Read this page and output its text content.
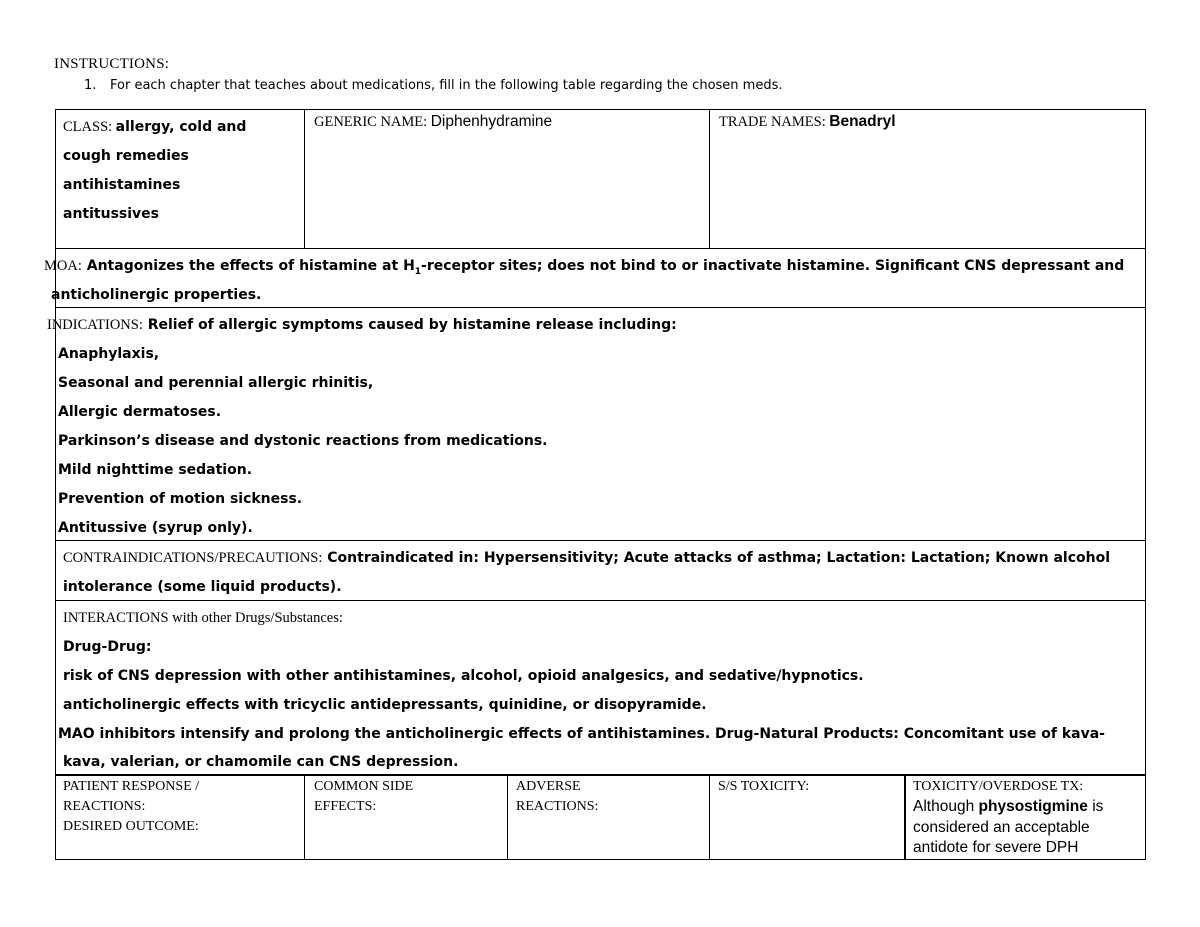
INSTRUCTIONS:
1. For each chapter that teaches about medications, fill in the following table regarding the chosen meds.
CLASS: allergy, cold and
cough remedies
antihistamines
antitussives
GENERIC NAME: Diphenhydramine	TRADE NAMES: Benadryl
MOA: Antagonizes the effects of histamine at $H_1$-receptor sites; does not bind to or inactivate histamine. Significant CNS depressant and
anticholinergic properties.
INDICATIONS: Relief of allergic symptoms caused by histamine release including:
Anaphylaxis,
Seasonal and perennial allergic rhinitis,
Allergic dermatoses.
Parkinson’s disease and dystonic reactions from medications.
Mild nighttime sedation.
Prevention of motion sickness.
Antitussive (syrup only).
CONTRAINDICATIONS/PRECAUTIONS: Contraindicated in: Hypersensitivity; Acute attacks of asthma; Lactation: Lactation; Known alcohol
intolerance (some liquid products).
INTERACTIONS with other Drugs/Substances:
Drug-Drug:
risk of CNS depression with other antihistamines, alcohol, opioid analgesics, and sedative/hypnotics.
anticholinergic effects with tricyclic antidepressants, quinidine, or disopyramide.
MAO inhibitors intensify and prolong the anticholinergic effects of antihistamines. Drug-Natural Products: Concomitant use of kava-
kava, valerian, or chamomile can CNS depression.
PATIENT RESPONSE /
REACTIONS:
DESIRED OUTCOME:
COMMON SIDE
EFFECTS:
ADVERSE
REACTIONS:
S/S TOXICITY:	TOXICITY/OVERDOSE TX:
Although physostigmine is
considered an acceptable
antidote for severe DPH
